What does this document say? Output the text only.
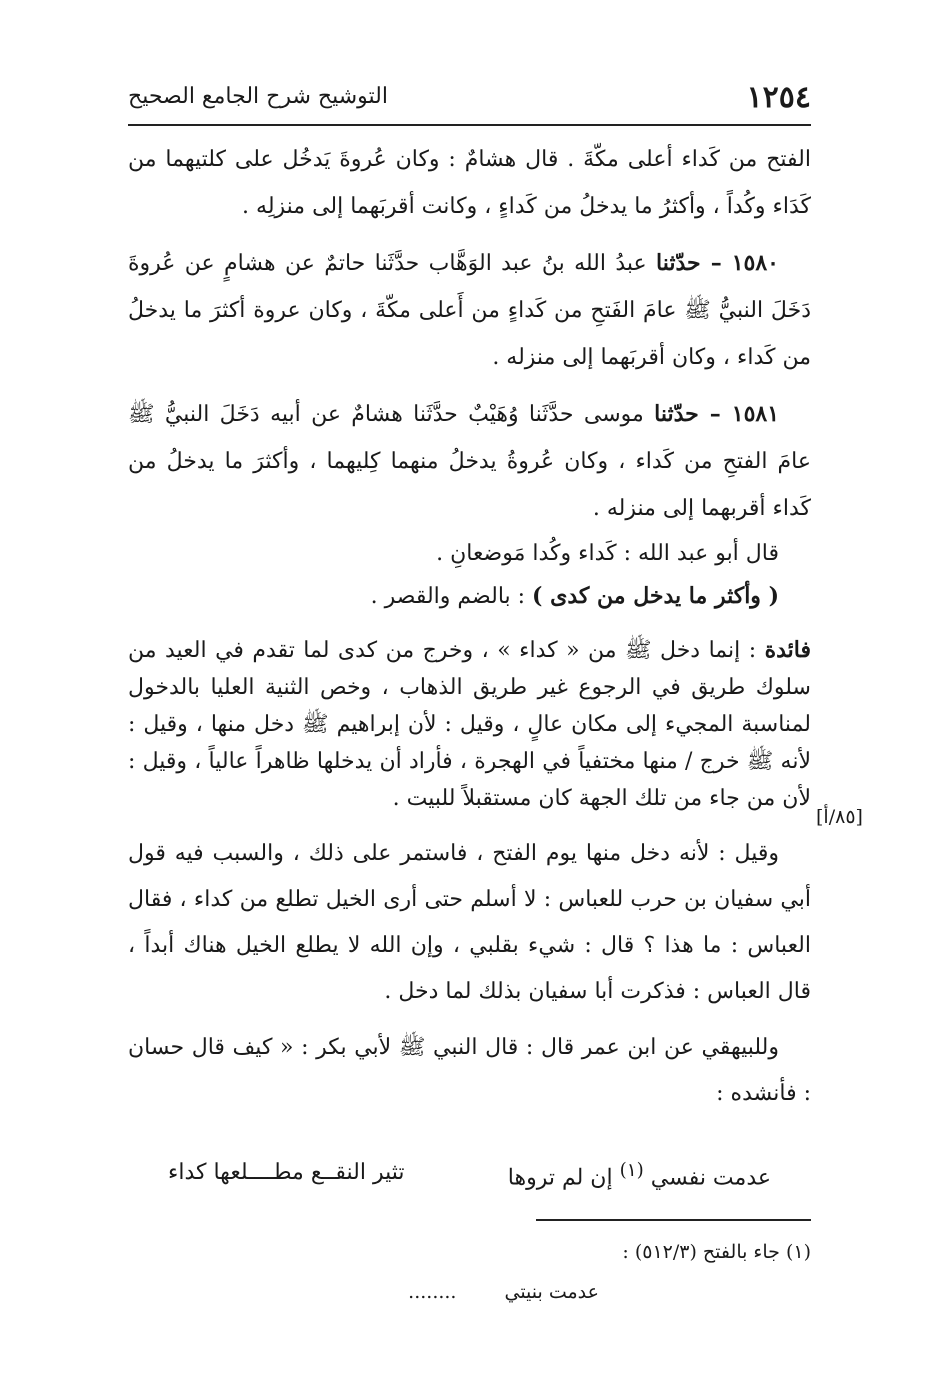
١٢٥٤
التوشيح شرح الجامع الصحيح

الفتح من كَداء أعلى مكّةَ . قال هشامٌ : وكان عُروةَ يَدخُل على كلتيهما من كَدَاء وكُداً ، وأكثرُ ما يدخلُ من كَداءٍ ، وكانت أقربَهما إلى منزلِه .

١٥٨٠ – حدّثنا عبدُ الله بنُ عبد الوَهَّاب حدَّثَنا حاتمٌ عن هشامٍ عن عُروةَ دَخَلَ النبيُّ ﷺ عامَ الفَتحِ من كَداءٍ من أَعلى مكّةَ ، وكان عروة أكثرَ ما يدخلُ من كَداء ، وكان أقربَهما إلى منزله .

١٥٨١ – حدّثنا موسى حدَّثَنا وُهَيْبٌ حدَّثَنا هشامٌ عن أبيه دَخَلَ النبيُّ ﷺ عامَ الفتحِ من كَداء ، وكان عُروةُ يدخلُ منهما كِليهما ، وأكثرَ ما يدخلُ من كَداء أقربهما إلى منزله .

قال أبو عبد الله : كَداء وكُدا مَوضعانِ .

( وأكثر ما يدخل من كدى ) : بالضم والقصر .

فائدة : إنما دخل ﷺ من « كداء » ، وخرج من كدى لما تقدم في العيد من سلوك طريق في الرجوع غير طريق الذهاب ، وخص الثنية العليا بالدخول لمناسبة المجيء إلى مكان عالٍ ، وقيل : لأن إبراهيم ﷺ دخل منها ، وقيل : لأنه ﷺ خرج / منها مختفياً في الهجرة ، فأراد أن يدخلها ظاهراً عالياً ، وقيل : لأن من جاء من تلك الجهة كان مستقبلاً للبيت .

وقيل : لأنه دخل منها يوم الفتح ، فاستمر على ذلك ، والسبب فيه قول أبي سفيان بن حرب للعباس : لا أسلم حتى أرى الخيل تطلع من كداء ، فقال العباس : ما هذا ؟ قال : شيء بقلبي ، وإن الله لا يطلع الخيل هناك أبداً ، قال العباس : فذكرت أبا سفيان بذلك لما دخل .

وللبيهقي عن ابن عمر قال : قال النبي ﷺ لأبي بكر : « كيف قال حسان : فأنشده :

[٨٥/أ]
عدمت نفسي $^{(١)}$ إن لم تروها
تثير النقــع مطــــلعها كداء
(١) جاء بالفتح (٥١٢/٣) :
عدمت بنيتي........
